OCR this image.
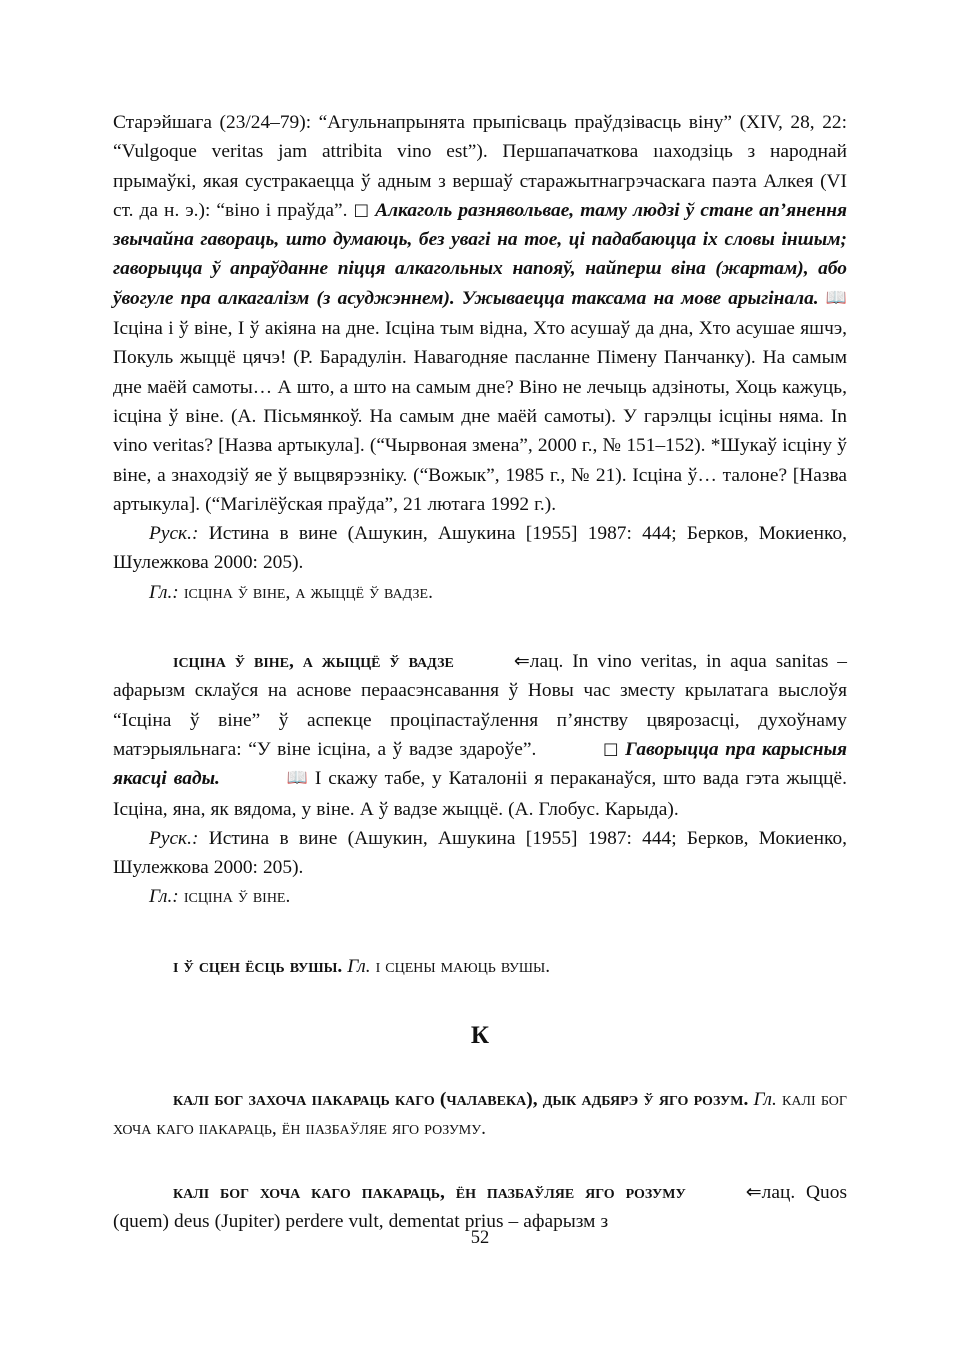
Старэйшага (23/24–79): “Агульнапрынята прыпісваць праўдзівасць віну” (XIV, 28, 22: “Vulgoque veritas jam attribita vino est”). Першапачаткова ııаходзіць з народнай прымаўкі, якая сустракаецца ў адным з вершаў старажытнагрэчаскага паэта Алкея (VI ст. да н. э.): “віно і праўда”. □ Алкаголь разнявольвае, таму людзі ў стане ап’янення звычайна гавораць, што думаюць, без увагі на тое, ці падабаюцца іх словы іншым; гаворыцца ў апраўданне піцця алкагольных напояў, найперш віна (жартам), або ўвогуле пра алкагалізм (з асуджэннем). Ужываецца таксама на мове арыгінала. 📖 Ісціна і ў віне, І ў акіяна на дне. Ісціна тым відна, Хто асушаў да дна, Хто асушае яшчэ, Покуль жыццё цячэ! (Р. Барадулін. Навагодняе пасланне Пімену Панчанку). На самым дне маёй самоты… А што, а што на самым дне? Віно не лечыць адзіноты, Хоць кажуць, ісціна ў віне. (А. Пісьмянкоў. На самым дне маёй самоты). У гарэлцы ісціны няма. In vino veritas? [Назва артыкула]. (“Чырвоная змена”, 2000 г., № 151–152). *Шукаў ісціну ў віне, а знаходзіў яе ў выцвярэзніку. (“Вожык”, 1985 г., № 21). Ісціна ў… талоне? [Назва артыкула]. (“Магілёўская праўда”, 21 лютага 1992 г.).

Руск.: Истина в вине (Ашукин, Ашукина [1955] 1987: 444; Берков, Мокиенко, Шулежкова 2000: 205).

Гл.: ісціна ў віне, а жыццё ў вадзе.

ісціна ў віне, а жыццё ў вадзе	⇐лац. In vino veritas, in aqua sanitas – афарызм склаўся на аснове пераасэнсавання ў Новы час зместу крылатага выслоўя “Ісціна ў віне” ў аспекце процiпастаўлення п’янству цвярозасці, духоўнаму матэрыяльнага: “У віне ісціна, а ў вадзе здароўе”.	□ Гаворыцца пра карысныя якасці вады.	📖 І скажу табе, у Каталоніі я пераканаўся, што вада гэта жыццё. Ісціна, яна, як вядома, у віне. А ў вадзе жыццё. (А. Глобус. Карыда).

Руск.: Истина в вине (Ашукин, Ашукина [1955] 1987: 444; Берков, Мокиенко, Шулежкова 2000: 205).

Гл.: ісціна ў віне.

і ў сцен ёсць вушы. Гл. і сцены маюць вушы.

К

калі бог захоча ııакараць каго (чалавека), дык адбярэ ў яго розум. Гл. калі бог хоча каго ııакараць, ён ııазбаўляе яго розуму.

калі бог хоча каго пакараць, ён пазбаўляе яго розуму	⇐лац. Quos (quem) deus (Jupiter) perdere vult, dementat prius – афарызм з

52
